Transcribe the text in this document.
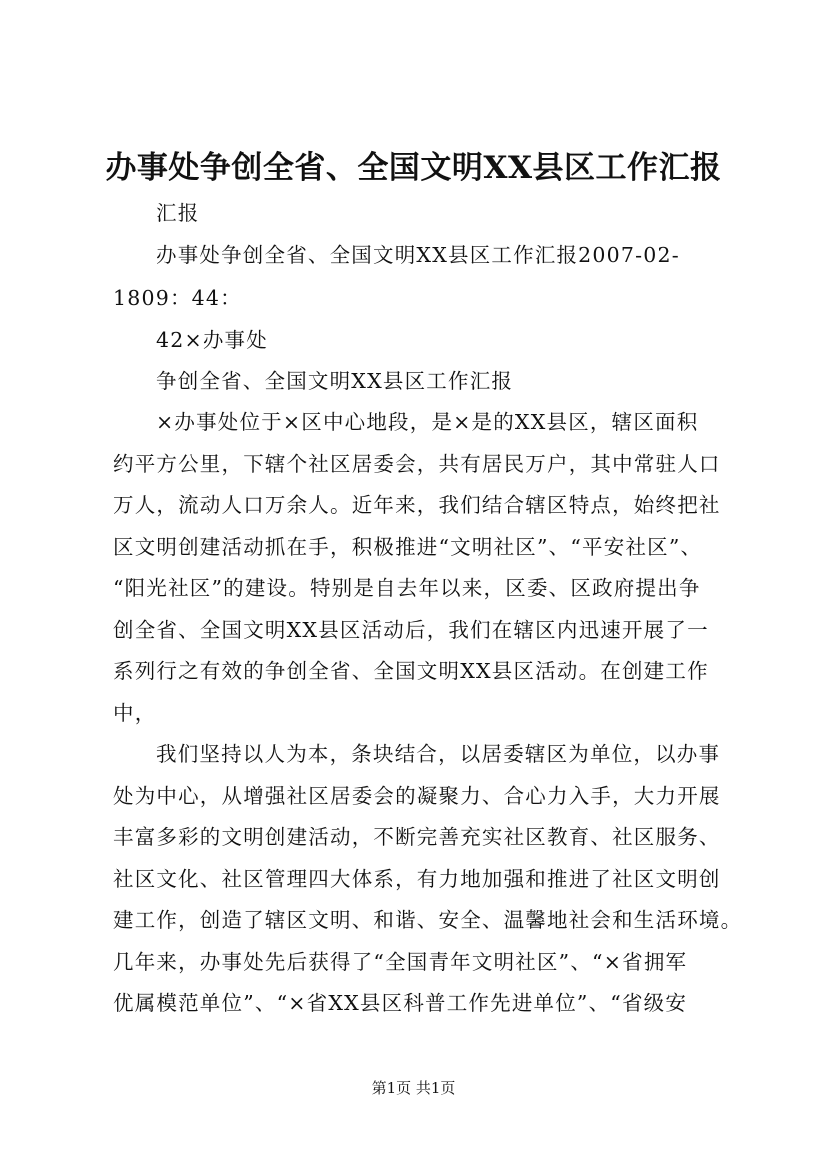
办事处争创全省、全国文明XX县区工作汇报
汇报
办事处争创全省、全国文明XX县区工作汇报2007-02-
1809：44：
42×办事处
争创全省、全国文明XX县区工作汇报
×办事处位于×区中心地段，是×是的XX县区，辖区面积
约平方公里，下辖个社区居委会，共有居民万户，其中常驻人口
万人，流动人口万余人。近年来，我们结合辖区特点，始终把社
区文明创建活动抓在手，积极推进“文明社区”、“平安社区”、
“阳光社区”的建设。特别是自去年以来，区委、区政府提出争
创全省、全国文明XX县区活动后，我们在辖区内迅速开展了一
系列行之有效的争创全省、全国文明XX县区活动。在创建工作
中，
我们坚持以人为本，条块结合，以居委辖区为单位，以办事
处为中心，从增强社区居委会的凝聚力、合心力入手，大力开展
丰富多彩的文明创建活动，不断完善充实社区教育、社区服务、
社区文化、社区管理四大体系，有力地加强和推进了社区文明创
建工作，创造了辖区文明、和谐、安全、温馨地社会和生活环境。
几年来，办事处先后获得了“全国青年文明社区”、“×省拥军
优属模范单位”、“×省XX县区科普工作先进单位”、“省级安
第1页 共1页
